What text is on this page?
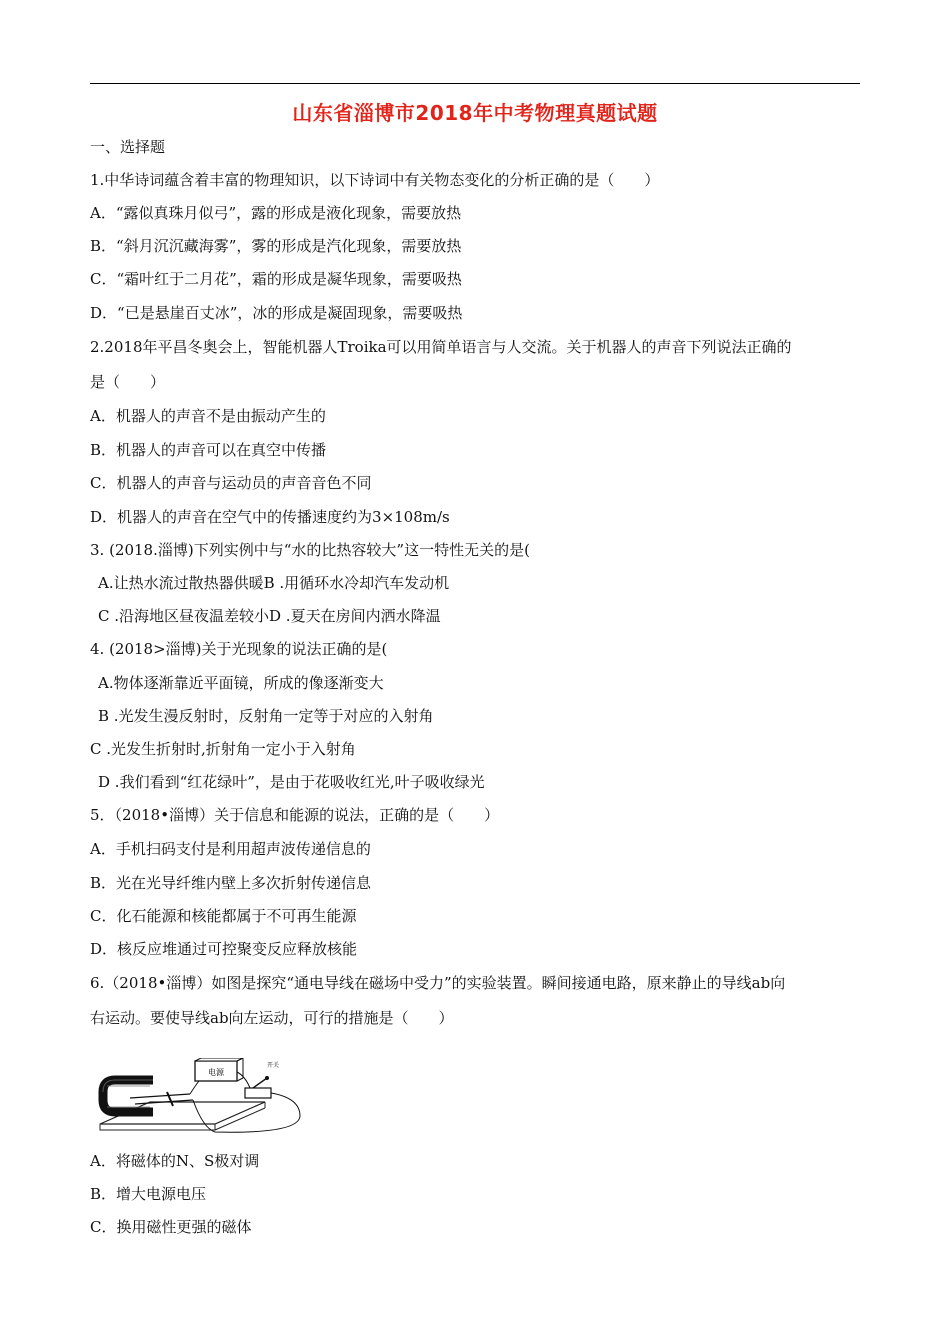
山东省淄博市2018年中考物理真题试题
一、选择题
1.中华诗词蕴含着丰富的物理知识，以下诗词中有关物态变化的分析正确的是（　　）
A．“露似真珠月似弓”，露的形成是液化现象，需要放热
B．“斜月沉沉藏海雾”，雾的形成是汽化现象，需要放热
C．“霜叶红于二月花”，霜的形成是凝华现象，需要吸热
D．“已是悬崖百丈冰”，冰的形成是凝固现象，需要吸热
2.2018年平昌冬奥会上，智能机器人Troika可以用简单语言与人交流。关于机器人的声音下列说法正确的
是（　　）
A．机器人的声音不是由振动产生的
B．机器人的声音可以在真空中传播
C．机器人的声音与运动员的声音音色不同
D．机器人的声音在空气中的传播速度约为3×108m/s
3. (2018.淄博)下列实例中与“水的比热容较大”这一特性无关的是(
A.让热水流过散热器供暖B .用循环水冷却汽车发动机
C .沿海地区昼夜温差较小D .夏天在房间内洒水降温
4. (2018>淄博)关于光现象的说法正确的是(
A.物体逐渐靠近平面镜，所成的像逐渐变大
B .光发生漫反射时，反射角一定等于对应的入射角
C .光发生折射时,折射角一定小于入射角
D .我们看到“红花绿叶”，是由于花吸收红光,叶子吸收绿光
5．（2018•淄博）关于信息和能源的说法，正确的是（　　）
A．手机扫码支付是利用超声波传递信息的
B．光在光导纤维内壁上多次折射传递信息
C．化石能源和核能都属于不可再生能源
D．核反应堆通过可控聚变反应释放核能
6.（2018•淄博）如图是探究“通电导线在磁场中受力”的实验装置。瞬间接通电路，原来静止的导线ab向
右运动。要使导线ab向左运动，可行的措施是（　　）
电源
开关
A．将磁体的N、S极对调
B．增大电源电压
C．换用磁性更强的磁体
